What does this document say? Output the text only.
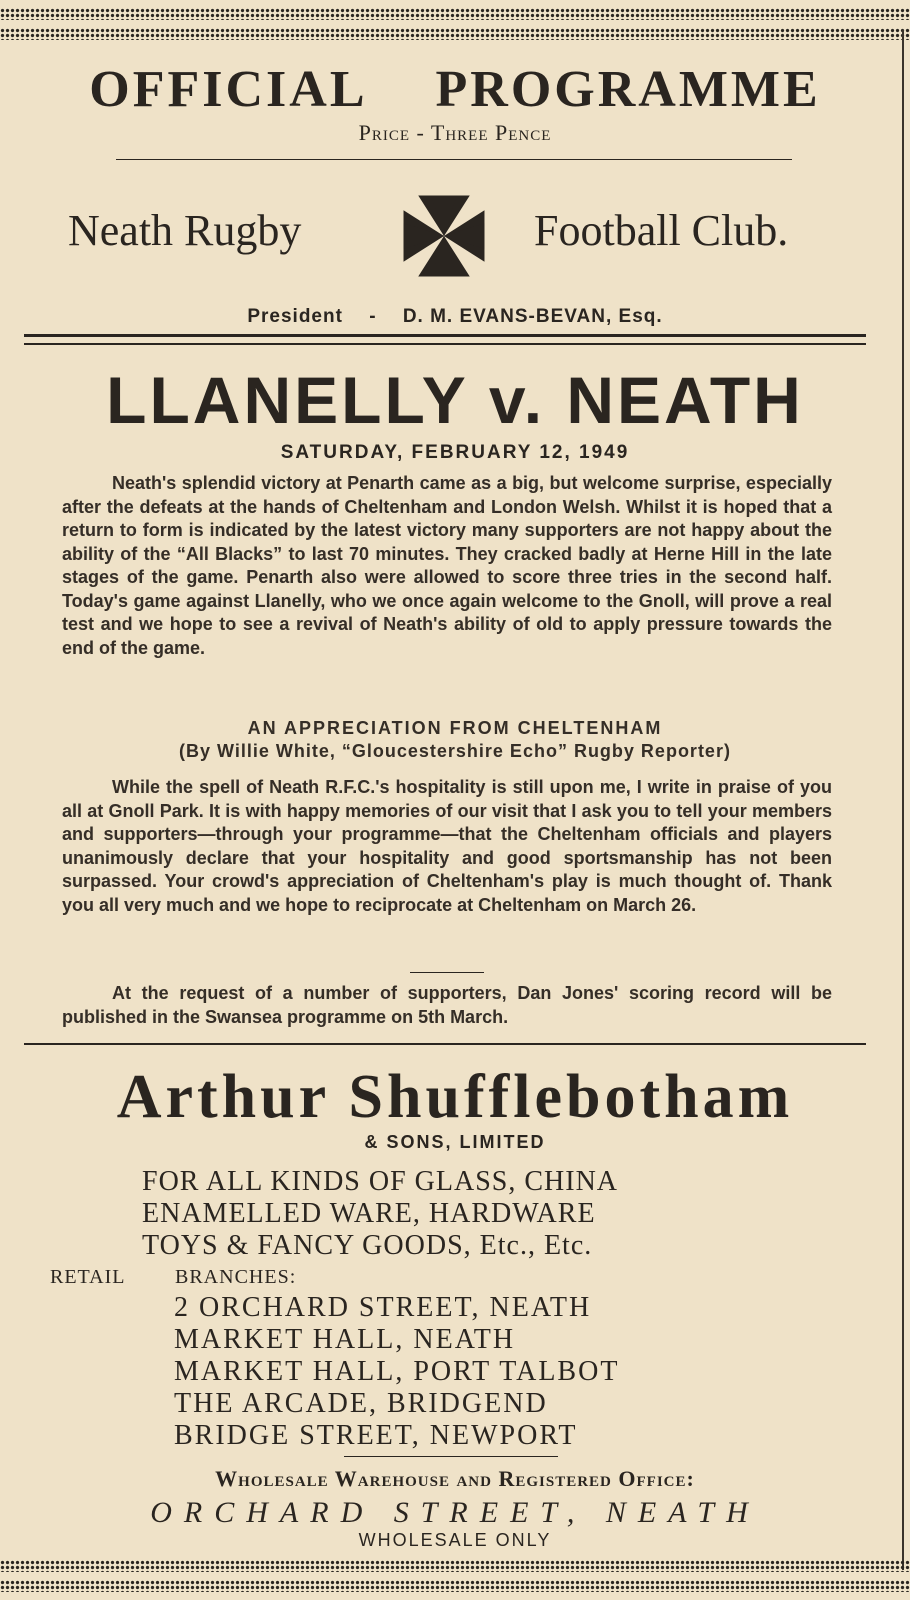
OFFICIAL PROGRAMME
Price - Three Pence
Neath Rugby	Football Club.
President - D. M. EVANS-BEVAN, Esq.
LLANELLY v. NEATH
SATURDAY, FEBRUARY 12, 1949
Neath's splendid victory at Penarth came as a big, but welcome surprise, especially after the defeats at the hands of Cheltenham and London Welsh. Whilst it is hoped that a return to form is indicated by the latest victory many supporters are not happy about the ability of the “All Blacks” to last 70 minutes. They cracked badly at Herne Hill in the late stages of the game. Penarth also were allowed to score three tries in the second half. Today's game against Llanelly, who we once again welcome to the Gnoll, will prove a real test and we hope to see a revival of Neath's ability of old to apply pressure towards the end of the game.
AN APPRECIATION FROM CHELTENHAM
(By Willie White, “Gloucestershire Echo” Rugby Reporter)
While the spell of Neath R.F.C.'s hospitality is still upon me, I write in praise of you all at Gnoll Park. It is with happy memories of our visit that I ask you to tell your members and supporters—through your programme—that the Cheltenham officials and players unanimously declare that your hospitality and good sportsmanship has not been surpassed. Your crowd's appreciation of Cheltenham's play is much thought of. Thank you all very much and we hope to reciprocate at Cheltenham on March 26.
At the request of a number of supporters, Dan Jones' scoring record will be published in the Swansea programme on 5th March.
Arthur Shufflebotham
& SONS, LIMITED
FOR ALL KINDS OF GLASS, CHINA
ENAMELLED WARE, HARDWARE
TOYS & FANCY GOODS, Etc., Etc.
RETAIL BRANCHES:
2 ORCHARD STREET, NEATH
MARKET HALL, NEATH
MARKET HALL, PORT TALBOT
THE ARCADE, BRIDGEND
BRIDGE STREET, NEWPORT
Wholesale Warehouse and Registered Office:
ORCHARD STREET, NEATH
WHOLESALE ONLY
